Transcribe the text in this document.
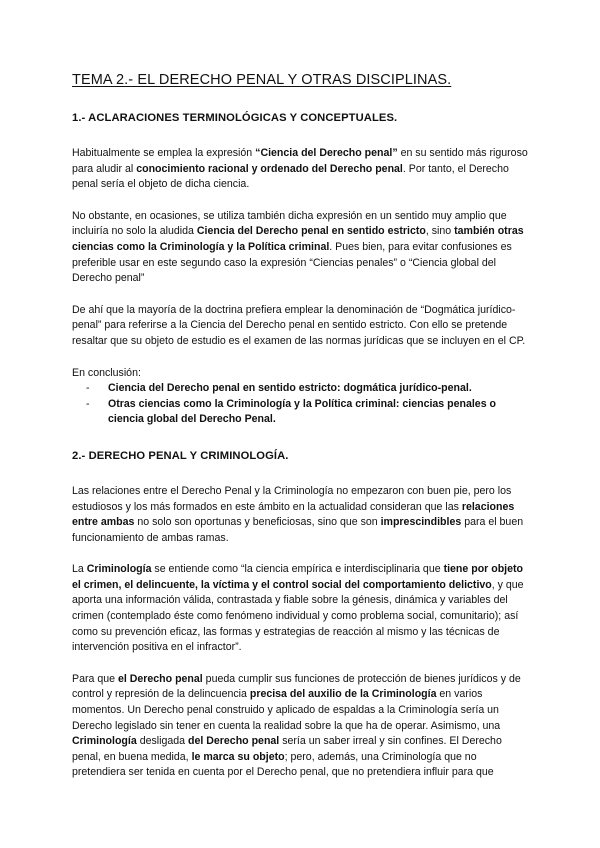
TEMA 2.- EL DERECHO PENAL Y OTRAS DISCIPLINAS.
1.- ACLARACIONES TERMINOLÓGICAS Y CONCEPTUALES.

Habitualmente se emplea la expresión “Ciencia del Derecho penal” en su sentido más riguroso para aludir al conocimiento racional y ordenado del Derecho penal. Por tanto, el Derecho penal sería el objeto de dicha ciencia.

No obstante, en ocasiones, se utiliza también dicha expresión en un sentido muy amplio que incluiría no solo la aludida Ciencia del Derecho penal en sentido estricto, sino también otras ciencias como la Criminología y la Política criminal. Pues bien, para evitar confusiones es preferible usar en este segundo caso la expresión “Ciencias penales” o “Ciencia global del Derecho penal”

De ahí que la mayoría de la doctrina prefiera emplear la denominación de “Dogmática jurídico-penal” para referirse a la Ciencia del Derecho penal en sentido estricto. Con ello se pretende resaltar que su objeto de estudio es el examen de las normas jurídicas que se incluyen en el CP.

En conclusión:

- Ciencia del Derecho penal en sentido estricto: dogmática jurídico-penal.
- Otras ciencias como la Criminología y la Política criminal: ciencias penales o ciencia global del Derecho Penal.
2.- DERECHO PENAL Y CRIMINOLOGÍA.

Las relaciones entre el Derecho Penal y la Criminología no empezaron con buen pie, pero los estudiosos y los más formados en este ámbito en la actualidad consideran que las relaciones entre ambas no solo son oportunas y beneficiosas, sino que son imprescindibles para el buen funcionamiento de ambas ramas.

La Criminología se entiende como “la ciencia empírica e interdisciplinaria que tiene por objeto el crimen, el delincuente, la víctima y el control social del comportamiento delictivo, y que aporta una información válida, contrastada y fiable sobre la génesis, dinámica y variables del crimen (contemplado éste como fenómeno individual y como problema social, comunitario); así como su prevención eficaz, las formas y estrategias de reacción al mismo y las técnicas de intervención positiva en el infractor”.

Para que el Derecho penal pueda cumplir sus funciones de protección de bienes jurídicos y de control y represión de la delincuencia precisa del auxilio de la Criminología en varios momentos. Un Derecho penal construido y aplicado de espaldas a la Criminología sería un Derecho legislado sin tener en cuenta la realidad sobre la que ha de operar. Asimismo, una Criminología desligada del Derecho penal sería un saber irreal y sin confines. El Derecho penal, en buena medida, le marca su objeto; pero, además, una Criminología que no pretendiera ser tenida en cuenta por el Derecho penal, que no pretendiera influir para que
